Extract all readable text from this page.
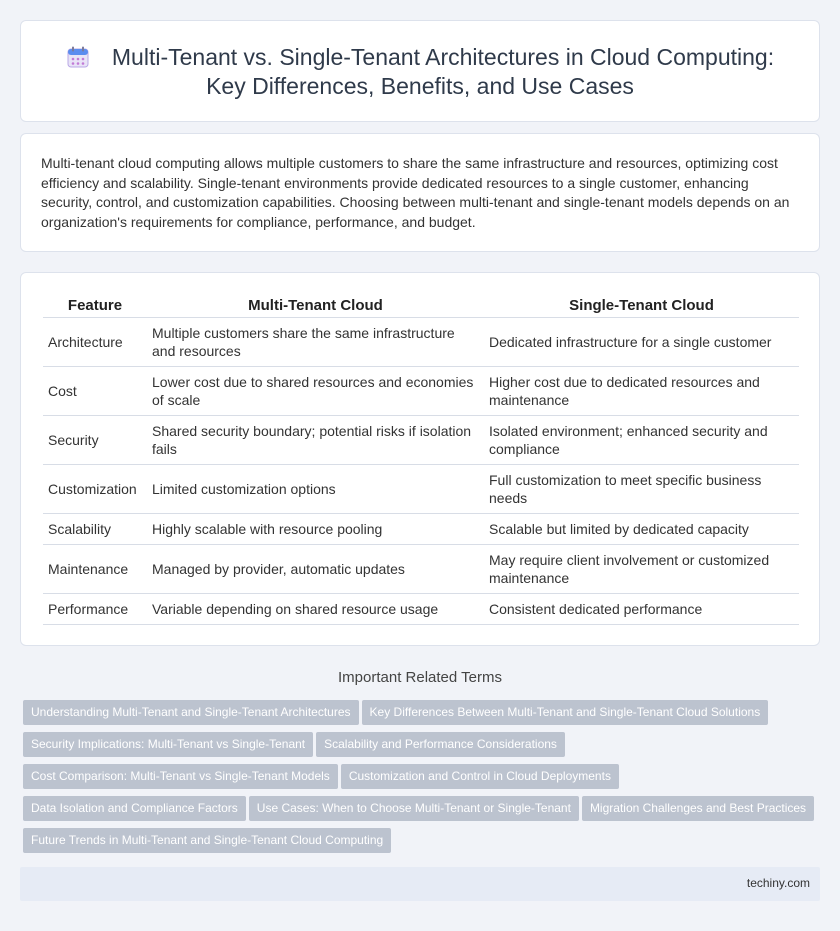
Multi-Tenant vs. Single-Tenant Architectures in Cloud Computing:
Key Differences, Benefits, and Use Cases

Multi-tenant cloud computing allows multiple customers to share the same infrastructure and resources, optimizing cost efficiency and scalability. Single-tenant environments provide dedicated resources to a single customer, enhancing security, control, and customization capabilities. Choosing between multi-tenant and single-tenant models depends on an organization's requirements for compliance, performance, and budget.

Feature	Multi-Tenant Cloud	Single-Tenant Cloud
Architecture	Multiple customers share the same infrastructure and resources	Dedicated infrastructure for a single customer
Cost	Lower cost due to shared resources and economies of scale	Higher cost due to dedicated resources and maintenance
Security	Shared security boundary; potential risks if isolation fails	Isolated environment; enhanced security and compliance
Customization	Limited customization options	Full customization to meet specific business needs
Scalability	Highly scalable with resource pooling	Scalable but limited by dedicated capacity
Maintenance	Managed by provider, automatic updates	May require client involvement or customized maintenance
Performance	Variable depending on shared resource usage	Consistent dedicated performance
Important Related Terms
Understanding Multi-Tenant and Single-Tenant Architectures Key Differences Between Multi-Tenant and Single-Tenant Cloud Solutions
Security Implications: Multi-Tenant vs Single-Tenant Scalability and Performance Considerations
Cost Comparison: Multi-Tenant vs Single-Tenant Models Customization and Control in Cloud Deployments
Data Isolation and Compliance Factors Use Cases: When to Choose Multi-Tenant or Single-Tenant Migration Challenges and Best Practices
Future Trends in Multi-Tenant and Single-Tenant Cloud Computing
techiny.com
